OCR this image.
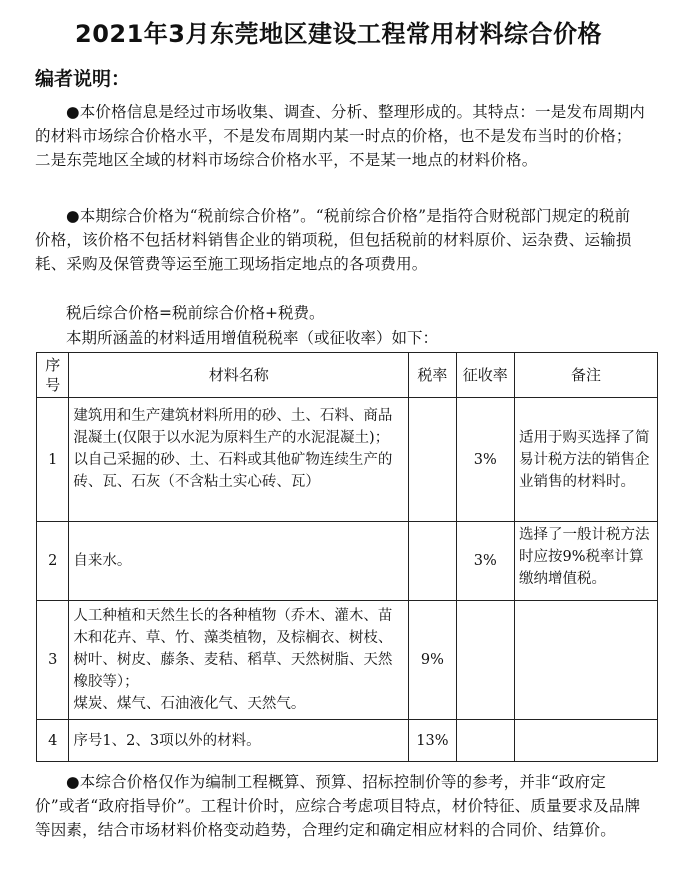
2021年3月东莞地区建设工程常用材料综合价格
编者说明：
●本价格信息是经过市场收集、调查、分析、整理形成的。其特点：一是发布周期内的材料市场综合价格水平，不是发布周期内某一时点的价格，也不是发布当时的价格；二是东莞地区全域的材料市场综合价格水平，不是某一地点的材料价格。
●本期综合价格为“税前综合价格”。“税前综合价格”是指符合财税部门规定的税前价格，该价格不包括材料销售企业的销项税，但包括税前的材料原价、运杂费、运输损耗、采购及保管费等运至施工现场指定地点的各项费用。
税后综合价格=税前综合价格+税费。
本期所涵盖的材料适用增值税税率（或征收率）如下：
序号	材料名称	税率	征收率	备注
1	建筑用和生产建筑材料所用的砂、土、石料、商品混凝土(仅限于以水泥为原料生产的水泥混凝土)；
以自己采掘的砂、土、石料或其他矿物连续生产的砖、瓦、石灰（不含粘土实心砖、瓦）		3%	适用于购买选择了简易计税方法的销售企业销售的材料时。
2	自来水。		3%	选择了一般计税方法时应按9%税率计算缴纳增值税。

3	人工种植和天然生长的各种植物（乔木、灌木、苗木和花卉、草、竹、藻类植物，及棕榈衣、树枝、树叶、树皮、藤条、麦秸、稻草、天然树脂、天然橡胶等）；
煤炭、煤气、石油液化气、天然气。	9%		
4	序号1、2、3项以外的材料。	13%		
●本综合价格仅作为编制工程概算、预算、招标控制价等的参考，并非“政府定价”或者“政府指导价”。工程计价时，应综合考虑项目特点，材价特征、质量要求及品牌等因素，结合市场材料价格变动趋势，合理约定和确定相应材料的合同价、结算价。
